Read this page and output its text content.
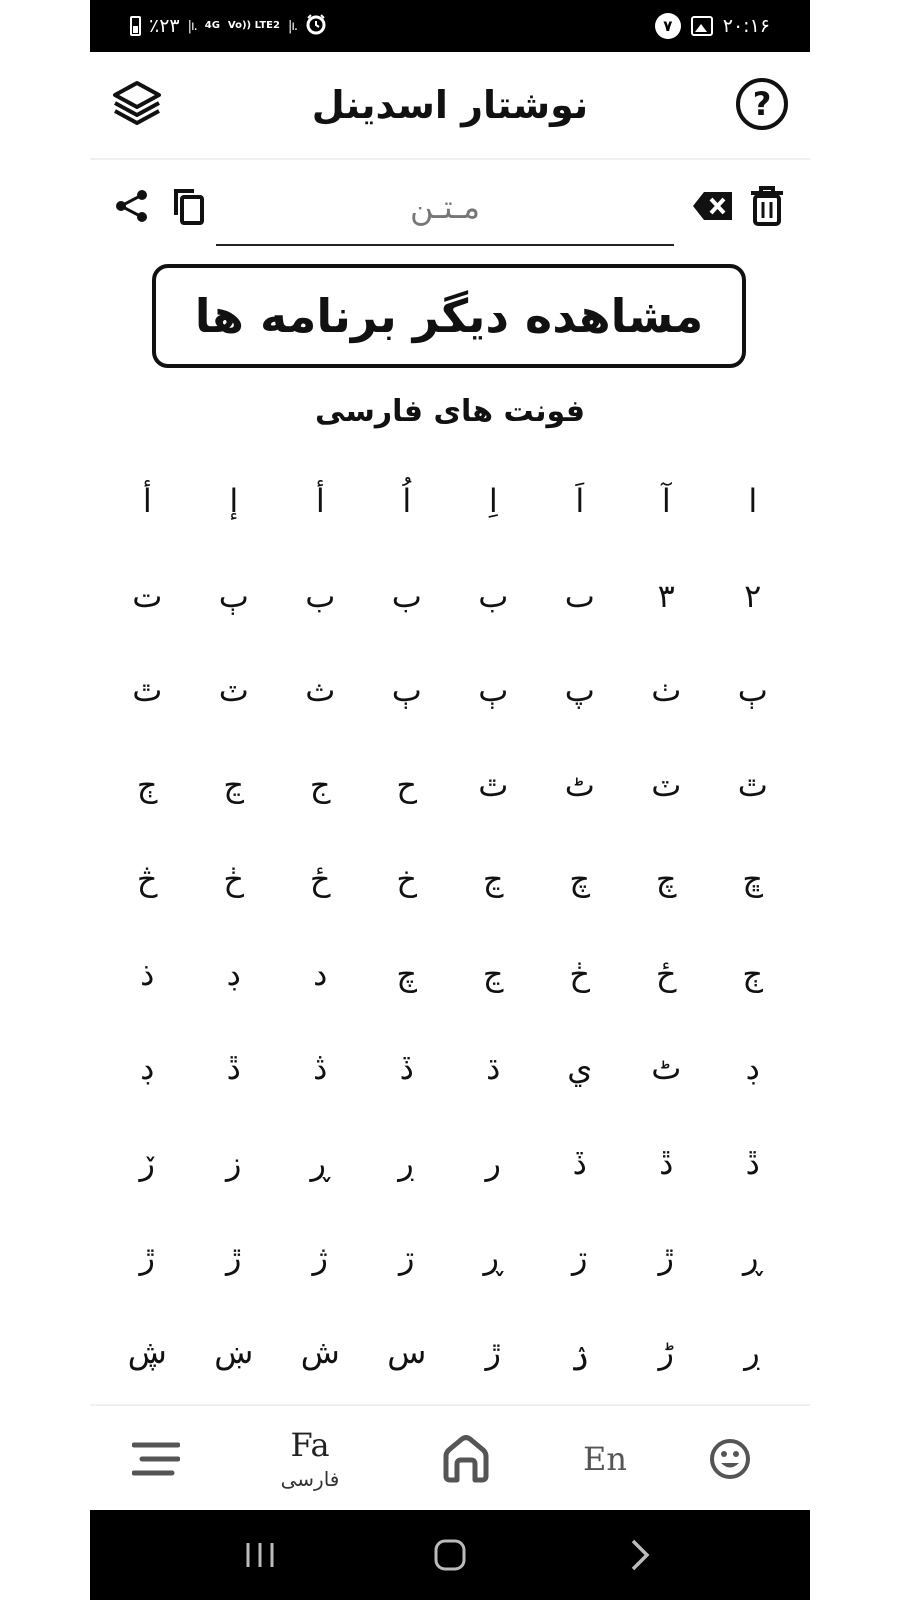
٪۲۳ |ı. 4G Vo)) LTE2 |ı.	۷	۲۰:۱۶
نوشتار اسدینل	?
مـتـن
مشاهده دیگر برنامه ها
فونت های فارسی
ا
آ
اَ
اِ
اُ
أ
إ
أ
٢
٣
ٮ
ب
ب
ب
ٻ
ت
ٻ
ٺ
پ
ٻ
ٻ
ث
ٽ
ٿ
ٿ
ٽ
ٹ
ٿ
ح
ج
ڃ
ڄ
ڇ
چ
چ
ڃ
خ
ځ
ڂ
څ
ڄ
ځ
ڂ
ڃ
چ
د
ڊ
ذ
ڊ
ٹ
ي
ڌ
ڏ
ڎ
ڐ
ڊ
ڐ
ڐ
ڏ
ر
ڔ
ڕ
ز
ڒ
ڕ
ڙ
ڗ
ڕ
ڗ
ژ
ڙ
ڙ
ڔ
ڑ
ۯ
ڙ
س
ش
ښ
ڜ
Fa
فارسی
En
